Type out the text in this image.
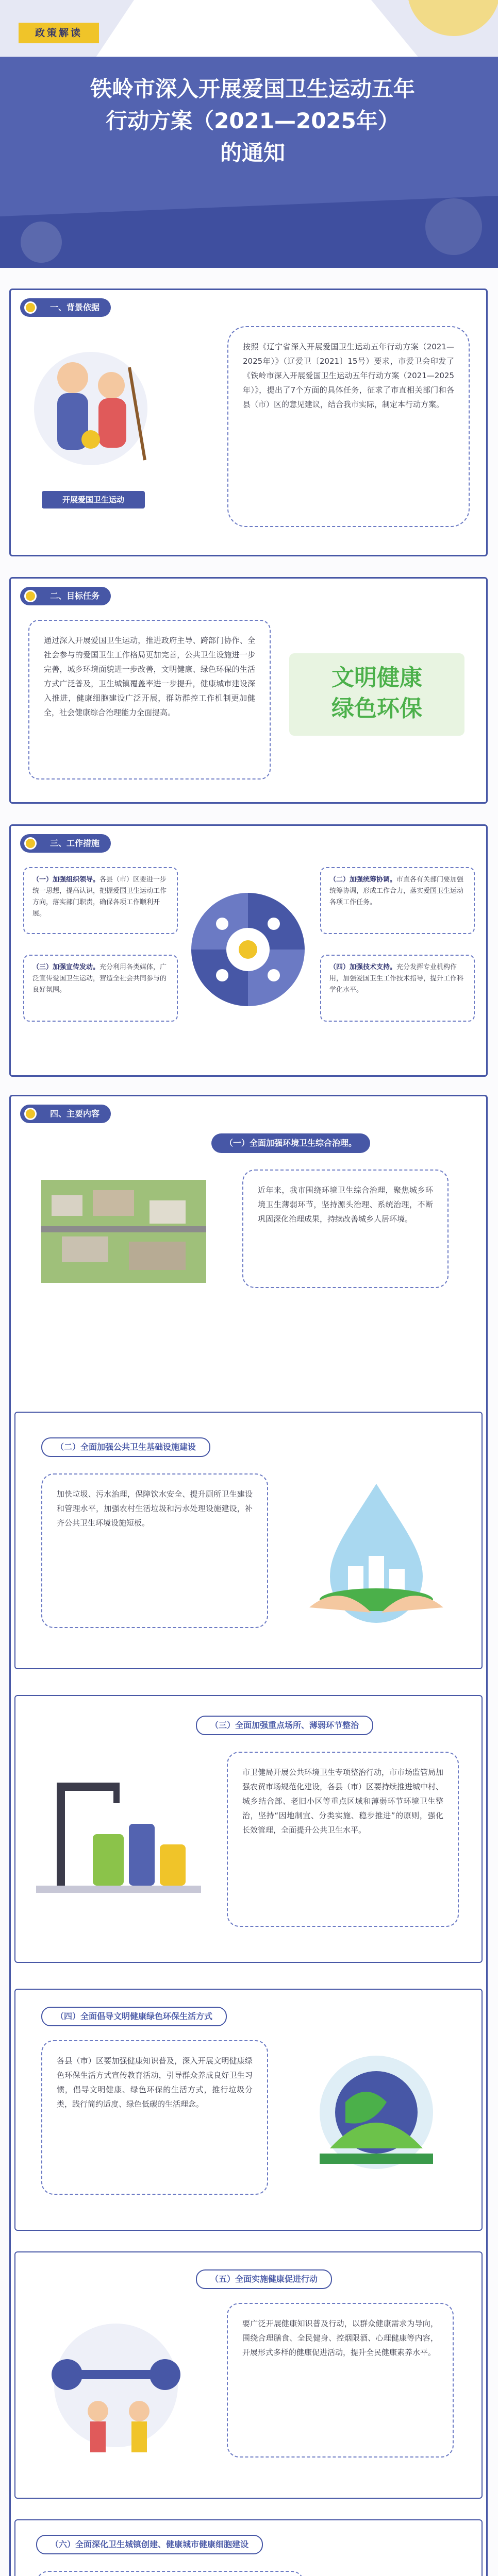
政策解读
铁岭市深入开展爱国卫生运动五年
行动方案（2021—2025年）
的通知
一、背景依据
开展爱国卫生运动
按照《辽宁省深入开展爱国卫生运动五年行动方案（2021—2025年）》（辽爱卫〔2021〕15号）要求，市爱卫会印发了《铁岭市深入开展爱国卫生运动五年行动方案（2021—2025年）》，提出了7个方面的具体任务，征求了市直相关部门和各县（市）区的意见建议，结合我市实际，制定本行动方案。
二、目标任务
通过深入开展爱国卫生运动，推进政府主导、跨部门协作、全社会参与的爱国卫生工作格局更加完善，公共卫生设施进一步完善，城乡环境面貌进一步改善，文明健康、绿色环保的生活方式广泛普及，卫生城镇覆盖率进一步提升，健康城市建设深入推进，健康细胞建设广泛开展，群防群控工作机制更加健全，社会健康综合治理能力全面提高。
文明健康
绿色环保
三、工作措施
（一）加强组织领导。各县（市）区要进一步统一思想，提高认识，把握爱国卫生运动工作方向，落实部门职责，确保各项工作顺利开展。
（三）加强宣传发动。充分利用各类媒体，广泛宣传爱国卫生运动，营造全社会共同参与的良好氛围。
（二）加强统筹协调。市直各有关部门要加强统筹协调，形成工作合力，落实爱国卫生运动各项工作任务。
（四）加强技术支持。充分发挥专业机构作用，加强爱国卫生工作技术指导，提升工作科学化水平。
四、主要内容
（一）全面加强环境卫生综合治理。
近年来，我市围绕环境卫生综合治理，聚焦城乡环境卫生薄弱环节，坚持源头治理、系统治理，不断巩固深化治理成果，持续改善城乡人居环境。
（二）全面加强公共卫生基础设施建设
加快垃圾、污水治理，保障饮水安全、提升厕所卫生建设和管理水平，加强农村生活垃圾和污水处理设施建设，补齐公共卫生环境设施短板。
（三）全面加强重点场所、薄弱环节整治
市卫健局开展公共环境卫生专项整治行动，市市场监管局加强农贸市场规范化建设，各县（市）区要持续推进城中村、城乡结合部、老旧小区等重点区域和薄弱环节环境卫生整治，坚持“因地制宜、分类实施、稳步推进”的原则，强化长效管理，全面提升公共卫生水平。
（四）全面倡导文明健康绿色环保生活方式
各县（市）区要加强健康知识普及，深入开展文明健康绿色环保生活方式宣传教育活动，引导群众养成良好卫生习惯，倡导文明健康、绿色环保的生活方式，推行垃圾分类，践行简约适度、绿色低碳的生活理念。
（五）全面实施健康促进行动
要广泛开展健康知识普及行动，以群众健康需求为导向，围绕合理膳食、全民健身、控烟限酒、心理健康等内容，开展形式多样的健康促进活动，提升全民健康素养水平。
（六）全面深化卫生城镇创建、健康城市健康细胞建设
